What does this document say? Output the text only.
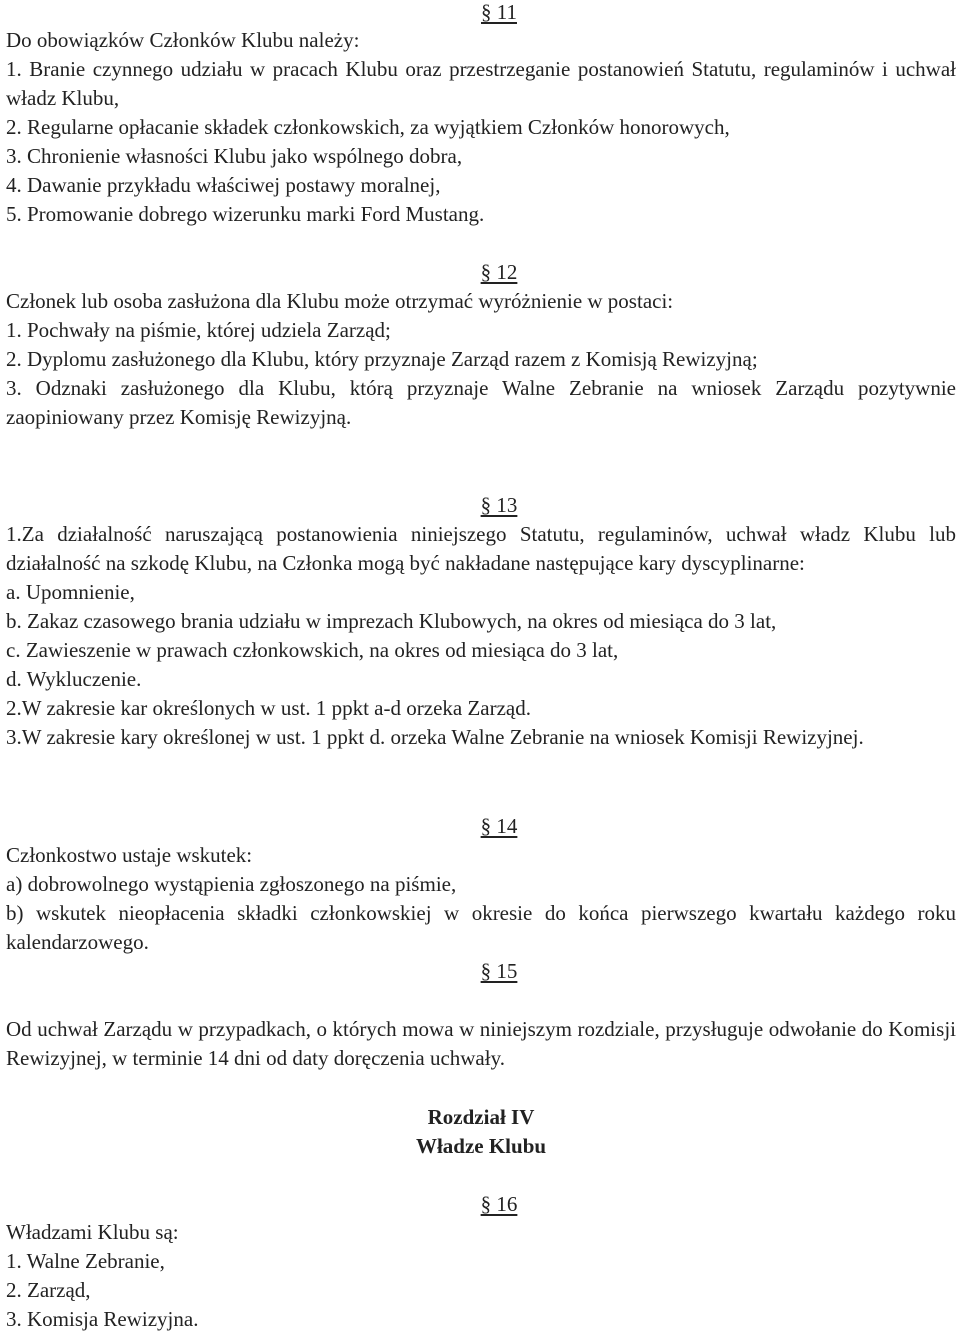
§ 11
Do obowiązków Członków Klubu należy:
1. Branie czynnego udziału w pracach Klubu oraz przestrzeganie postanowień Statutu, regulaminów i uchwał władz Klubu,
2. Regularne opłacanie składek członkowskich, za wyjątkiem Członków honorowych,
3. Chronienie własności Klubu jako wspólnego dobra,
4. Dawanie przykładu właściwej postawy moralnej,
5. Promowanie dobrego wizerunku marki Ford Mustang.
§ 12
Członek lub osoba zasłużona dla Klubu może otrzymać wyróżnienie w postaci:
1. Pochwały na piśmie, której udziela Zarząd;
2. Dyplomu zasłużonego dla Klubu, który przyznaje Zarząd razem z Komisją Rewizyjną;
3. Odznaki zasłużonego dla Klubu, którą przyznaje Walne Zebranie na wniosek Zarządu pozytywnie zaopiniowany przez Komisję Rewizyjną.
§ 13
1.Za działalność naruszającą postanowienia niniejszego Statutu, regulaminów, uchwał władz Klubu lub działalność na szkodę Klubu, na Członka mogą być nakładane następujące kary dyscyplinarne:
a. Upomnienie,
b. Zakaz czasowego brania udziału w imprezach Klubowych, na okres od miesiąca do 3 lat,
c. Zawieszenie w prawach członkowskich, na okres od miesiąca do 3 lat,
d. Wykluczenie.
2.W zakresie kar określonych w ust. 1 ppkt a-d orzeka Zarząd.
3.W zakresie kary określonej w ust. 1 ppkt d. orzeka Walne Zebranie na wniosek Komisji Rewizyjnej.
§ 14
Członkostwo ustaje wskutek:
a) dobrowolnego wystąpienia zgłoszonego na piśmie,
b) wskutek nieopłacenia składki członkowskiej w okresie do końca pierwszego kwartału każdego roku kalendarzowego.
§ 15
Od uchwał Zarządu w przypadkach, o których mowa w niniejszym rozdziale, przysługuje odwołanie do Komisji Rewizyjnej, w terminie 14 dni od daty doręczenia uchwały.
Rozdział IV
Władze Klubu
§ 16
Władzami Klubu są:
1. Walne Zebranie,
2. Zarząd,
3. Komisja Rewizyjna.
